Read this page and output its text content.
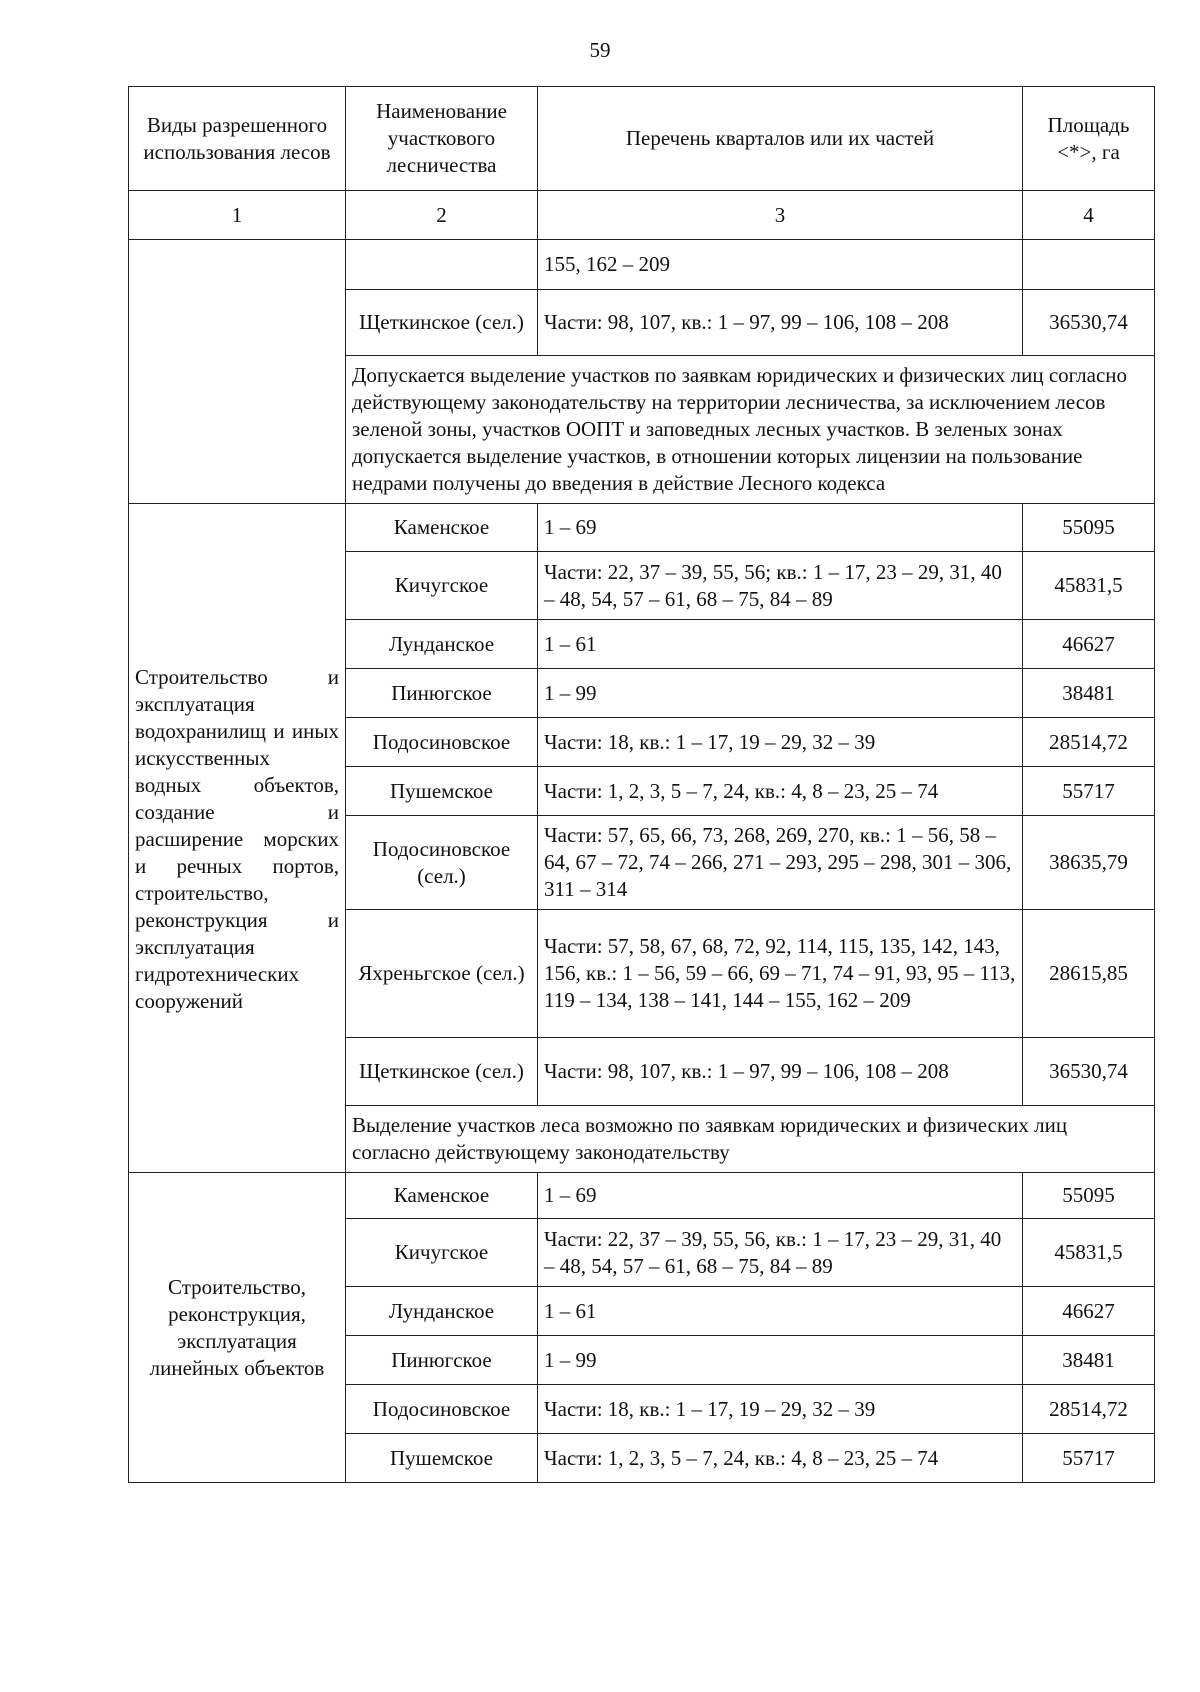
59
Виды разрешенного использования лесов	Наименование участкового лесничества	Перечень кварталов или их частей	Площадь <*>, га
1	2	3	4
		155, 162 – 209	
	Щеткинское (сел.)	Части: 98, 107, кв.: 1 – 97, 99 – 106, 108 – 208	36530,74
	Допускается выделение участков по заявкам юридических и физических лиц согласно действующему законодательству на территории лесничества, за исключением лесов зеленой зоны, участков ООПТ и заповедных лесных участков. В зеленых зонах допускается выделение участков, в отношении которых лицензии на пользование недрами получены до введения в действие Лесного кодекса		
Строительство и эксплуатация водохранилищ и иных искусственных водных объектов, создание и расширение морских и речных портов, строительство, реконструкция и эксплуатация гидротехнических сооружений	Каменское	1 – 69	55095
	Кичугское	Части: 22, 37 – 39, 55, 56; кв.: 1 – 17, 23 – 29, 31, 40 – 48, 54, 57 – 61, 68 – 75, 84 – 89	45831,5
	Лунданское	1 – 61	46627
	Пинюгское	1 – 99	38481
	Подосиновское	Части: 18, кв.: 1 – 17, 19 – 29, 32 – 39	28514,72
	Пушемское	Части: 1, 2, 3, 5 – 7, 24, кв.: 4, 8 – 23, 25 – 74	55717
	Подосиновское (сел.)	Части: 57, 65, 66, 73, 268, 269, 270, кв.: 1 – 56, 58 – 64, 67 – 72, 74 – 266, 271 – 293, 295 – 298, 301 – 306, 311 – 314	38635,79
	Яхреньгское (сел.)	Части: 57, 58, 67, 68, 72, 92, 114, 115, 135, 142, 143, 156, кв.: 1 – 56, 59 – 66, 69 – 71, 74 – 91, 93, 95 – 113, 119 – 134, 138 – 141, 144 – 155, 162 – 209	28615,85
	Щеткинское (сел.)	Части: 98, 107, кв.: 1 – 97, 99 – 106, 108 – 208	36530,74
	Выделение участков леса возможно по заявкам юридических и физических лиц согласно действующему законодательству		
Строительство, реконструкция, эксплуатация линейных объектов	Каменское	1 – 69	55095
	Кичугское	Части: 22, 37 – 39, 55, 56, кв.: 1 – 17, 23 – 29, 31, 40 – 48, 54, 57 – 61, 68 – 75, 84 – 89	45831,5
	Лунданское	1 – 61	46627
	Пинюгское	1 – 99	38481
	Подосиновское	Части: 18, кв.: 1 – 17, 19 – 29, 32 – 39	28514,72
	Пушемское	Части: 1, 2, 3, 5 – 7, 24, кв.: 4, 8 – 23, 25 – 74	55717
